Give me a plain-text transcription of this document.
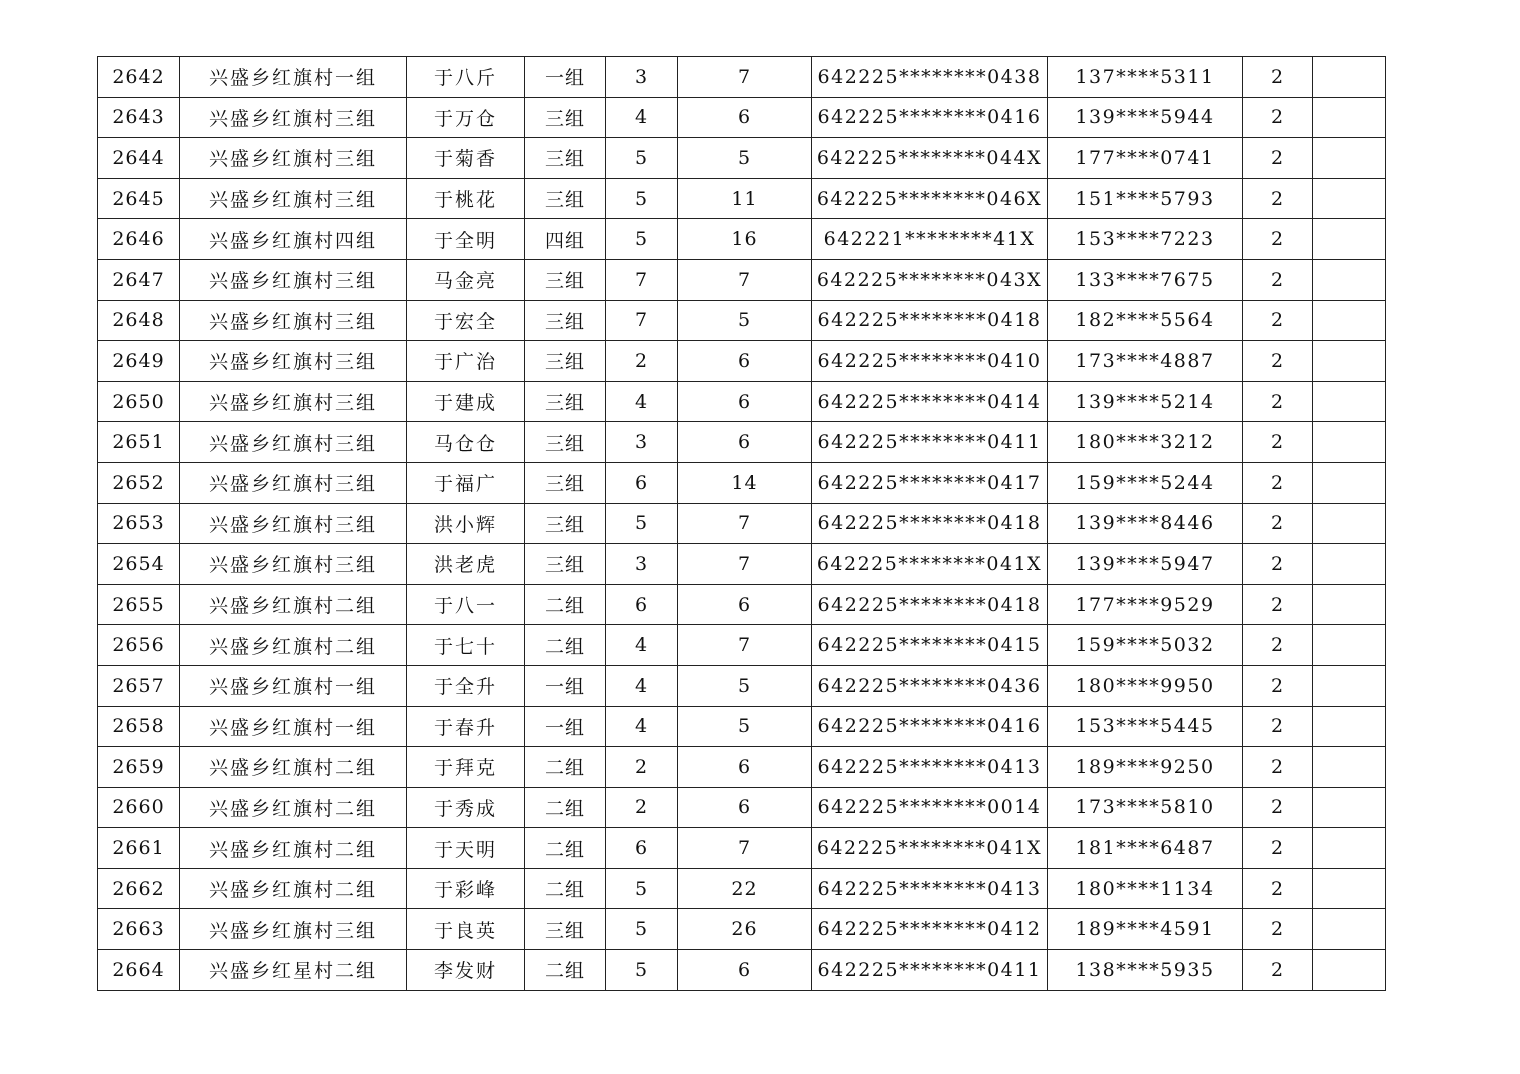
2642	兴盛乡红旗村一组	于八斤	一组	3	7	642225********0438	137****5311	2	
2643	兴盛乡红旗村三组	于万仓	三组	4	6	642225********0416	139****5944	2	
2644	兴盛乡红旗村三组	于菊香	三组	5	5	642225********044X	177****0741	2	
2645	兴盛乡红旗村三组	于桃花	三组	5	11	642225********046X	151****5793	2	
2646	兴盛乡红旗村四组	于全明	四组	5	16	642221********41X	153****7223	2	
2647	兴盛乡红旗村三组	马金亮	三组	7	7	642225********043X	133****7675	2	
2648	兴盛乡红旗村三组	于宏全	三组	7	5	642225********0418	182****5564	2	
2649	兴盛乡红旗村三组	于广治	三组	2	6	642225********0410	173****4887	2	
2650	兴盛乡红旗村三组	于建成	三组	4	6	642225********0414	139****5214	2	
2651	兴盛乡红旗村三组	马仓仓	三组	3	6	642225********0411	180****3212	2	
2652	兴盛乡红旗村三组	于福广	三组	6	14	642225********0417	159****5244	2	
2653	兴盛乡红旗村三组	洪小辉	三组	5	7	642225********0418	139****8446	2	
2654	兴盛乡红旗村三组	洪老虎	三组	3	7	642225********041X	139****5947	2	
2655	兴盛乡红旗村二组	于八一	二组	6	6	642225********0418	177****9529	2	
2656	兴盛乡红旗村二组	于七十	二组	4	7	642225********0415	159****5032	2	
2657	兴盛乡红旗村一组	于全升	一组	4	5	642225********0436	180****9950	2	
2658	兴盛乡红旗村一组	于春升	一组	4	5	642225********0416	153****5445	2	
2659	兴盛乡红旗村二组	于拜克	二组	2	6	642225********0413	189****9250	2	
2660	兴盛乡红旗村二组	于秀成	二组	2	6	642225********0014	173****5810	2	
2661	兴盛乡红旗村二组	于天明	二组	6	7	642225********041X	181****6487	2	
2662	兴盛乡红旗村二组	于彩峰	二组	5	22	642225********0413	180****1134	2	
2663	兴盛乡红旗村三组	于良英	三组	5	26	642225********0412	189****4591	2	
2664	兴盛乡红星村二组	李发财	二组	5	6	642225********0411	138****5935	2	
